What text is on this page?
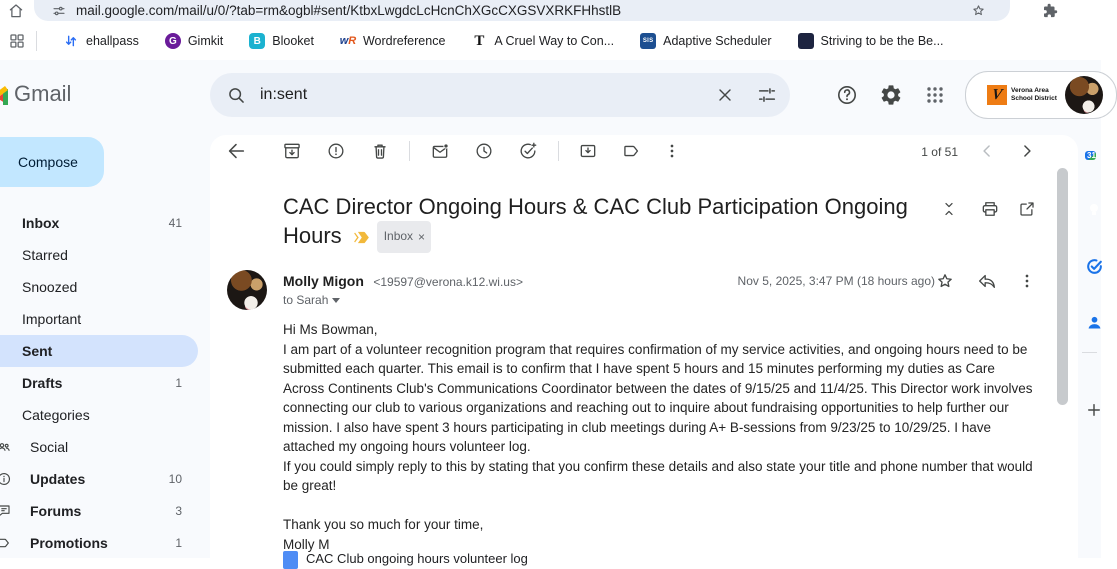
mail.google.com/mail/u/0/?tab=rm&ogbl#sent/KtbxLwgdcLcHcnChXGcCXGSVXRKFHhstlB
ehallpass	G Gimkit	B Blooket w R Wordreference T A Cruel Way to Con...	SIS Adaptive Scheduler	Striving to be the Be...
Gmail	in:sent	V Verona Area
School District
Compose
Inbox	41
Starred
Snoozed
Important
Sent
Drafts	1
Categories
Social
Updates	10
Forums	3
Promotions	1
1 of 51
CAC Director Ongoing Hours & CAC Club Participation Ongoing Hours	Inbox ×
Molly Migon <19597@verona.k12.wi.us>
to Sarah
Nov 5, 2025, 3:47 PM (18 hours ago)

Hi Ms Bowman,

I am part of a volunteer recognition program that requires confirmation of my service activities, and ongoing hours need to be submitted each quarter. This email is to confirm that I have spent 5 hours and 15 minutes performing my duties as Care Across Continents Club's Communications Coordinator between the dates of 9/15/25 and 11/4/25. This Director work involves connecting our club to various organizations and reaching out to inquire about fundraising opportunities to help further our mission. I also have spent 3 hours participating in club meetings during A+ B-sessions from 9/23/25 to 10/29/25. I have attached my ongoing hours volunteer log.

If you could simply reply to this by stating that you confirm these details and also state your title and phone number that would be great!

Thank you so much for your time,

Molly M

CAC Club ongoing hours volunteer log
31
